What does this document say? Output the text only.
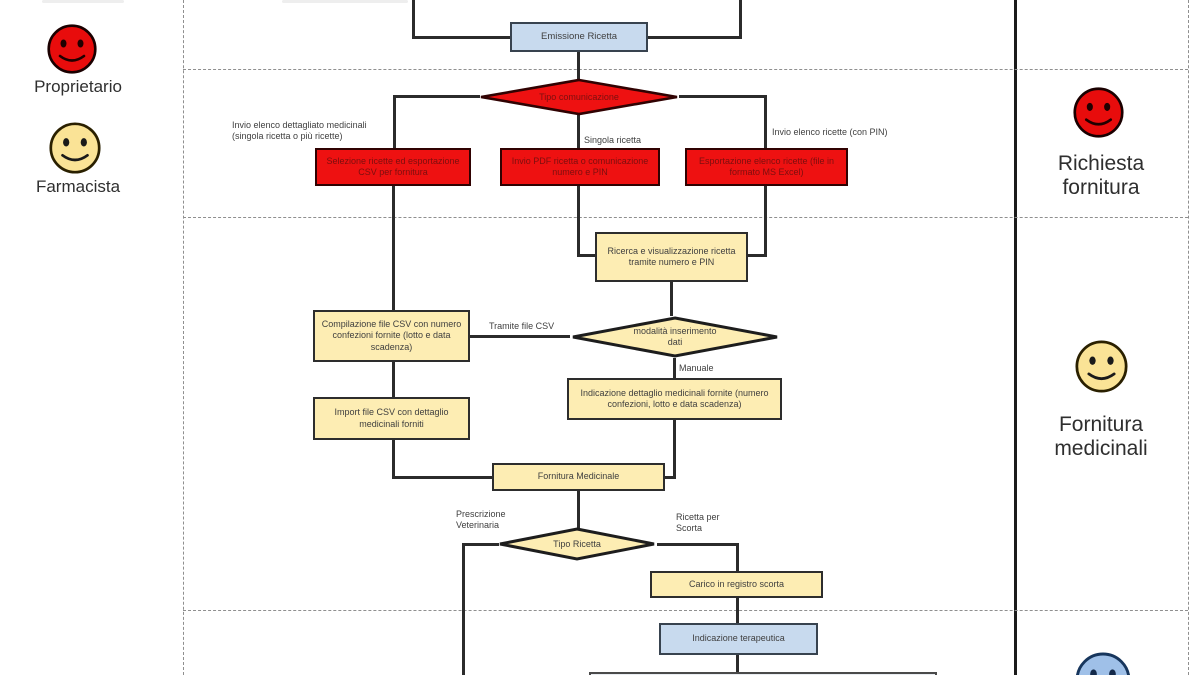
Emissione Ricetta
Tipo comunicazione
Selezione ricette ed esportazione CSV per fornitura
Invio PDF ricetta o comunicazione numero e PIN
Esportazione elenco ricette (file in formato MS Excel)
Ricerca e visualizzazione ricetta tramite numero e PIN
Compilazione file CSV con numero confezioni fornite (lotto e data scadenza)
Import file CSV con dettaglio medicinali forniti
Indicazione dettaglio medicinali fornite (numero confezioni, lotto e data scadenza)
Fornitura Medicinale
Carico in registro scorta
modalità inserimento dati
Tipo Ricetta
Indicazione terapeutica
Invio elenco dettagliato medicinali (singola ricetta o più ricette)	Singola ricetta
Invio elenco ricette (con PIN)
Tramite file CSV
Manuale
Prescrizione Veterinaria
Ricetta per Scorta
Proprietario
Farmacista
Richiesta fornitura
Fornitura medicinali
